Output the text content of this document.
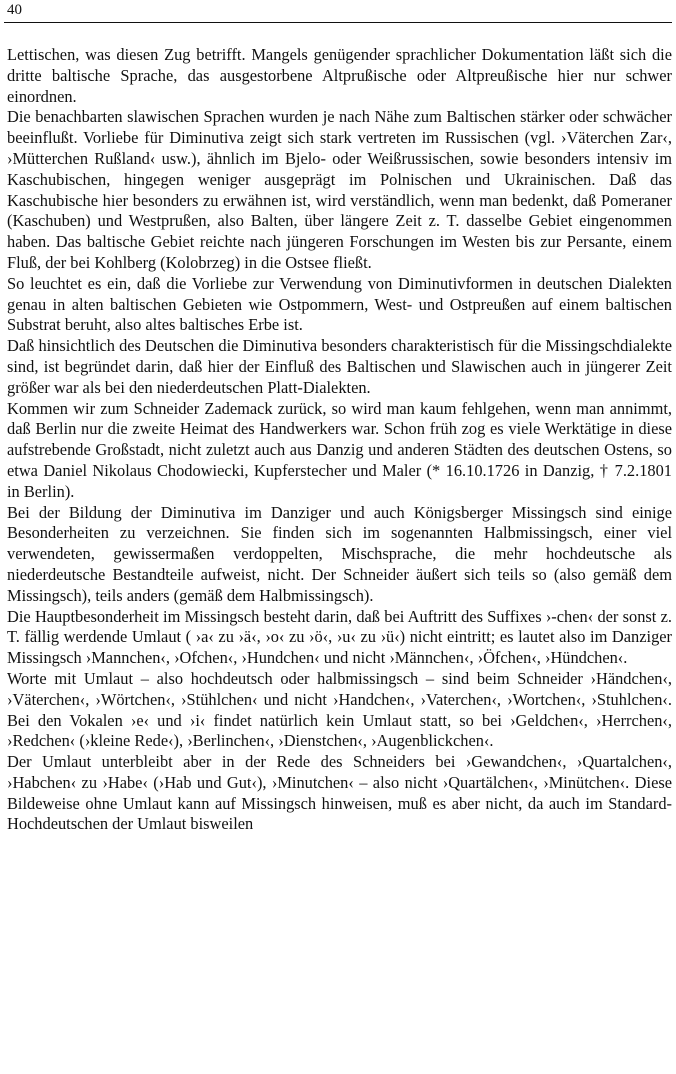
40

Lettischen, was diesen Zug betrifft. Mangels genügender sprachlicher Dokumentation läßt sich die dritte baltische Sprache, das ausgestorbene Altprußische oder Altpreußische hier nur schwer einordnen.

Die benachbarten slawischen Sprachen wurden je nach Nähe zum Baltischen stärker oder schwächer beeinflußt. Vorliebe für Diminutiva zeigt sich stark vertreten im Russischen (vgl. ›Väterchen Zar‹, ›Mütterchen Rußland‹ usw.), ähnlich im Bjelo- oder Weißrussischen, sowie besonders intensiv im Kaschubischen, hingegen weniger ausgeprägt im Polnischen und Ukrainischen. Daß das Kaschubische hier besonders zu erwähnen ist, wird verständlich, wenn man bedenkt, daß Pomeraner (Kaschuben) und Westprußen, also Balten, über längere Zeit z. T. dasselbe Gebiet eingenommen haben. Das baltische Gebiet reichte nach jüngeren Forschungen im Westen bis zur Persante, einem Fluß, der bei Kohlberg (Kolobrzeg) in die Ostsee fließt.

So leuchtet es ein, daß die Vorliebe zur Verwendung von Diminutivformen in deutschen Dialekten genau in alten baltischen Gebieten wie Ostpommern, West- und Ostpreußen auf einem baltischen Substrat beruht, also altes baltisches Erbe ist.

Daß hinsichtlich des Deutschen die Diminutiva besonders charakteristisch für die Missingschdialekte sind, ist begründet darin, daß hier der Einfluß des Baltischen und Slawischen auch in jüngerer Zeit größer war als bei den niederdeutschen Platt-Dialekten.

Kommen wir zum Schneider Zademack zurück, so wird man kaum fehlgehen, wenn man annimmt, daß Berlin nur die zweite Heimat des Handwerkers war. Schon früh zog es viele Werktätige in diese aufstrebende Großstadt, nicht zuletzt auch aus Danzig und anderen Städten des deutschen Ostens, so etwa Daniel Nikolaus Chodowiecki, Kupferstecher und Maler (* 16.10.1726 in Danzig, † 7.2.1801 in Berlin).

Bei der Bildung der Diminutiva im Danziger und auch Königsberger Missingsch sind einige Besonderheiten zu verzeichnen. Sie finden sich im sogenannten Halbmissingsch, einer viel verwendeten, gewissermaßen verdoppelten, Mischsprache, die mehr hochdeutsche als niederdeutsche Bestandteile aufweist, nicht. Der Schneider äußert sich teils so (also gemäß dem Missingsch), teils anders (gemäß dem Halbmissingsch).

Die Hauptbesonderheit im Missingsch besteht darin, daß bei Auftritt des Suffixes ›-chen‹ der sonst z. T. fällig werdende Umlaut ( ›a‹ zu ›ä‹, ›o‹ zu ›ö‹, ›u‹ zu ›ü‹) nicht eintritt; es lautet also im Danziger Missingsch ›Mannchen‹, ›Ofchen‹, ›Hundchen‹ und nicht ›Männchen‹, ›Öfchen‹, ›Hündchen‹.

Worte mit Umlaut – also hochdeutsch oder halbmissingsch – sind beim Schneider ›Händchen‹, ›Väterchen‹, ›Wörtchen‹, ›Stühlchen‹ und nicht ›Handchen‹, ›Vaterchen‹, ›Wortchen‹, ›Stuhlchen‹. Bei den Vokalen ›e‹ und ›i‹ findet natürlich kein Umlaut statt, so bei ›Geldchen‹, ›Herrchen‹, ›Redchen‹ (›kleine Rede‹), ›Berlinchen‹, ›Dienstchen‹, ›Augenblickchen‹.

Der Umlaut unterbleibt aber in der Rede des Schneiders bei ›Gewandchen‹, ›Quartalchen‹, ›Habchen‹ zu ›Habe‹ (›Hab und Gut‹), ›Minutchen‹ – also nicht ›Quartälchen‹, ›Minütchen‹. Diese Bildeweise ohne Umlaut kann auf Missingsch hinweisen, muß es aber nicht, da auch im Standard-Hochdeutschen der Umlaut bisweilen
